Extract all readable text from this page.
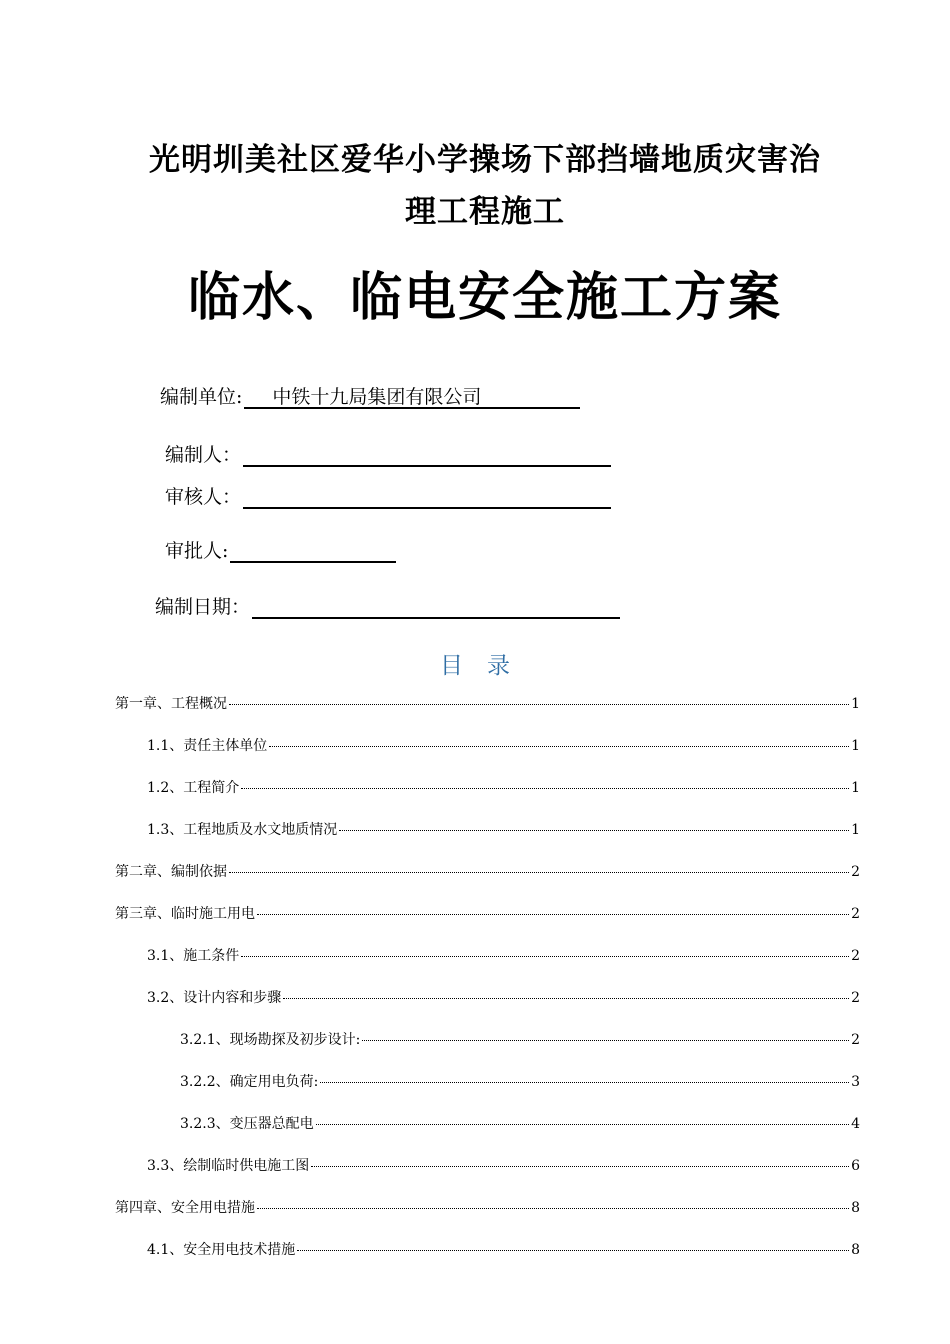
光明圳美社区爱华小学操场下部挡墙地质灾害治
理工程施工
临水、临电安全施工方案
编制单位:	中铁十九局集团有限公司
编制人：
审核人：
审批人:
编制日期：
目录
第一章、工程概况	1
1.1、责任主体单位	1
1.2、工程简介	1
1.3、工程地质及水文地质情况	1
第二章、编制依据	2
第三章、临时施工用电	2
3.1、施工条件	2
3.2、设计内容和步骤	2
3.2.1、现场勘探及初步设计:	2
3.2.2、确定用电负荷:	3
3.2.3、变压器总配电	4
3.3、绘制临时供电施工图	6
第四章、安全用电措施	8
4.1、安全用电技术措施	8
